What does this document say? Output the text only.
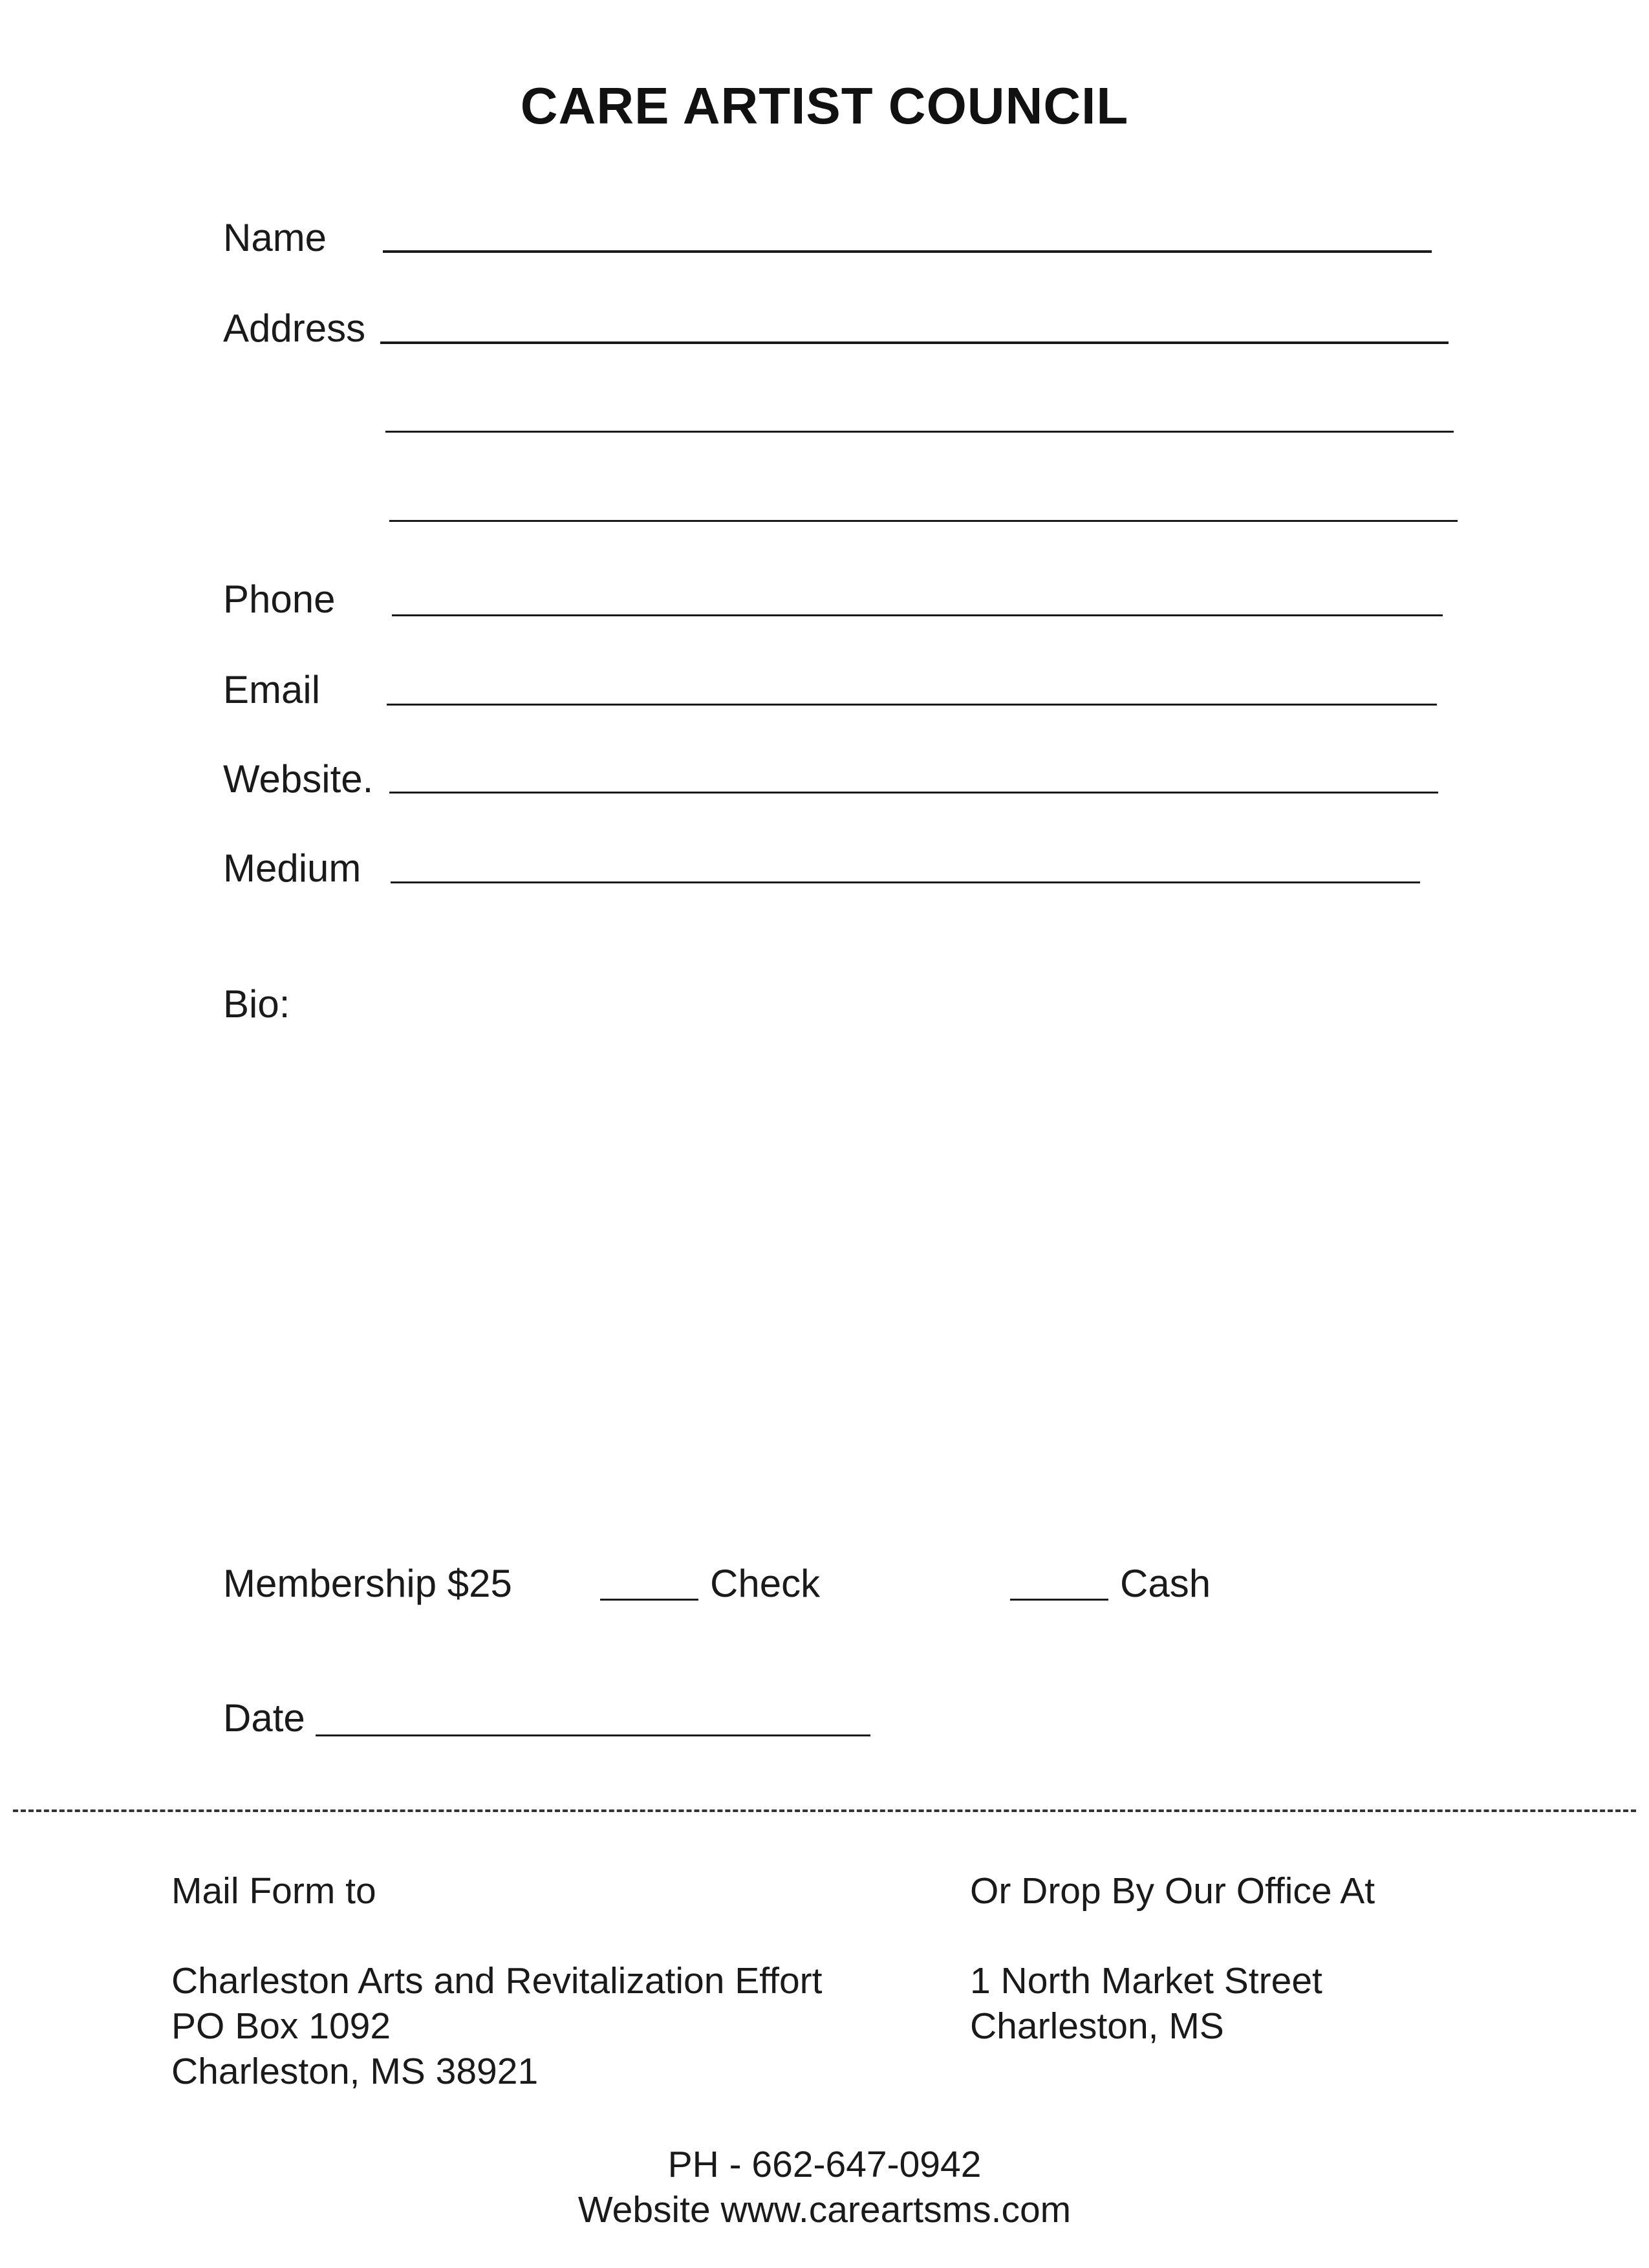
CARE ARTIST COUNCIL
Name
Address
Phone
Email
Website.
Medium
Bio:
Membership $25	Check	Cash
Date
Mail Form to
Charleston Arts and Revitalization Effort
PO Box 1092
Charleston, MS 38921
Or Drop By Our Office At
1 North Market Street
Charleston, MS
PH - 662-647-0942
Website www.careartsms.com
